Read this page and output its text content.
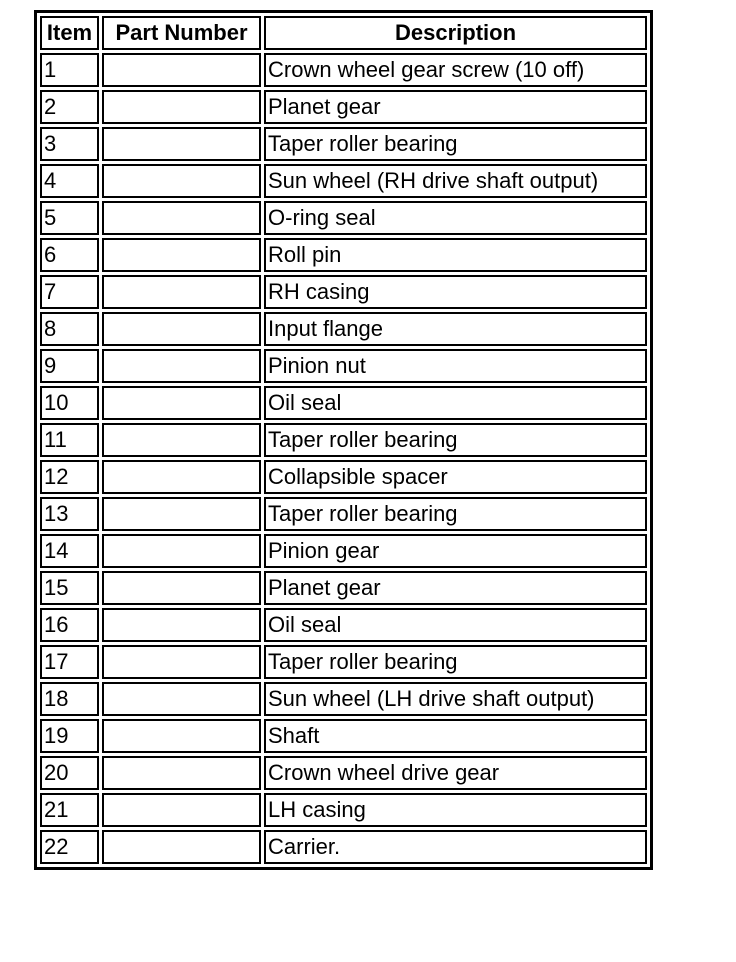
Item	Part Number	Description
1		Crown wheel gear screw (10 off)
2		Planet gear
3		Taper roller bearing
4		Sun wheel (RH drive shaft output)
5		O-ring seal
6		Roll pin
7		RH casing
8		Input flange
9		Pinion nut
10		Oil seal
11		Taper roller bearing
12		Collapsible spacer
13		Taper roller bearing
14		Pinion gear
15		Planet gear
16		Oil seal
17		Taper roller bearing
18		Sun wheel (LH drive shaft output)
19		Shaft
20		Crown wheel drive gear
21		LH casing
22		Carrier.
